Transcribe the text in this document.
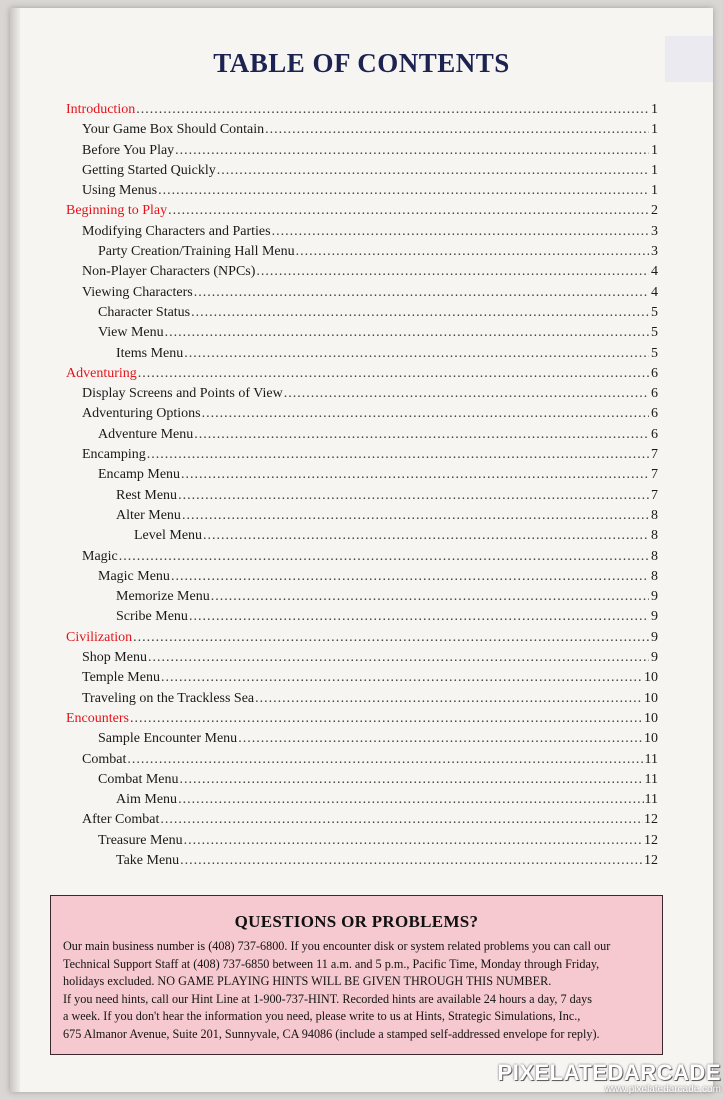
TABLE OF CONTENTS
Introduction .....	1
Your Game Box Should Contain .....	1
Before You Play .....	1
Getting Started Quickly .....	1
Using Menus .....	1
Beginning to Play .....	2
Modifying Characters and Parties .....	3
Party Creation/Training Hall Menu .....	3
Non-Player Characters (NPCs) .....	4
Viewing Characters .....	4
Character Status .....	5
View Menu .....	5
Items Menu .....	5
Adventuring .....	6
Display Screens and Points of View .....	6
Adventuring Options .....	6
Adventure Menu .....	6
Encamping .....	7
Encamp Menu .....	7
Rest Menu .....	7
Alter Menu .....	8
Level Menu .....	8
Magic .....	8
Magic Menu .....	8
Memorize Menu .....	9
Scribe Menu .....	9
Civilization .....	9
Shop Menu .....	9
Temple Menu .....	10
Traveling on the Trackless Sea .....	10
Encounters .....	10
Sample Encounter Menu .....	10
Combat .....	11
Combat Menu .....	11
Aim Menu .....	11
After Combat .....	12
Treasure Menu .....	12
Take Menu .....	12
QUESTIONS OR PROBLEMS?

Our main business number is (408) 737-6800. If you encounter disk or system related problems you can call our

Technical Support Staff at (408) 737-6850 between 11 a.m. and 5 p.m., Pacific Time, Monday through Friday,

holidays excluded. NO GAME PLAYING HINTS WILL BE GIVEN THROUGH THIS NUMBER.

If you need hints, call our Hint Line at 1-900-737-HINT. Recorded hints are available 24 hours a day, 7 days

a week. If you don't hear the information you need, please write to us at Hints, Strategic Simulations, Inc.,

675 Almanor Avenue, Suite 201, Sunnyvale, CA 94086 (include a stamped self-addressed envelope for reply).

PIXELATEDARCADE
www.pixelatedarcade.com
